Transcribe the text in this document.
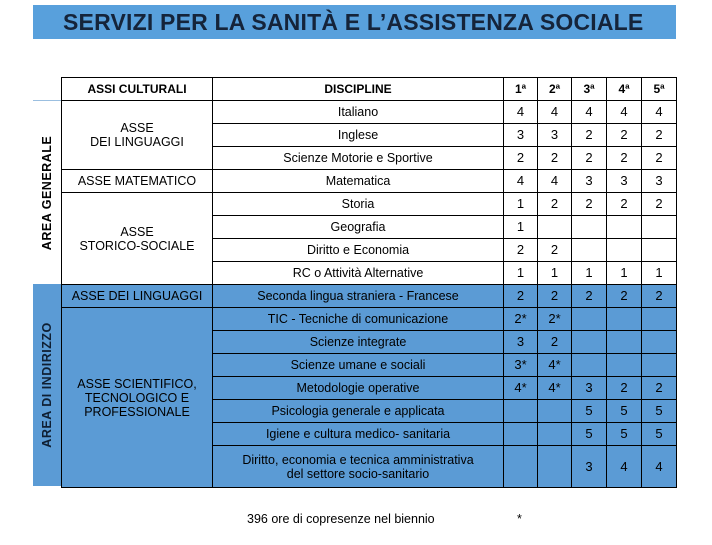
SERVIZI PER LA SANITÀ E L’ASSISTENZA SOCIALE
AREA GENERALE
AREA DI INDIRIZZO
ASSI CULTURALI	DISCIPLINE	1ª	2ª	3ª	4ª	5ª
ASSE
DEI LINGUAGGI	Italiano	4	4	4	4	4
	Inglese	3	3	2	2	2
	Scienze Motorie e Sportive	2	2	2	2	2
ASSE MATEMATICO	Matematica	4	4	3	3	3
ASSE
STORICO-SOCIALE	Storia	1	2	2	2	2
	Geografia	1				
	Diritto e Economia	2	2			
	RC o Attività Alternative	1	1	1	1	1
ASSE DEI LINGUAGGI	Seconda lingua straniera - Francese	2	2	2	2	2
ASSE SCIENTIFICO,
TECNOLOGICO E
PROFESSIONALE	TIC - Tecniche di comunicazione	2*	2*			
	Scienze integrate	3	2			
	Scienze umane e sociali	3*	4*			
	Metodologie operative	4*	4*	3	2	2
	Psicologia generale e applicata			5	5	5
	Igiene e cultura medico- sanitaria			5	5	5
	Diritto, economia e tecnica amministrativa
del settore socio-sanitario			3	4	4
396 ore di copresenze nel biennio	*
